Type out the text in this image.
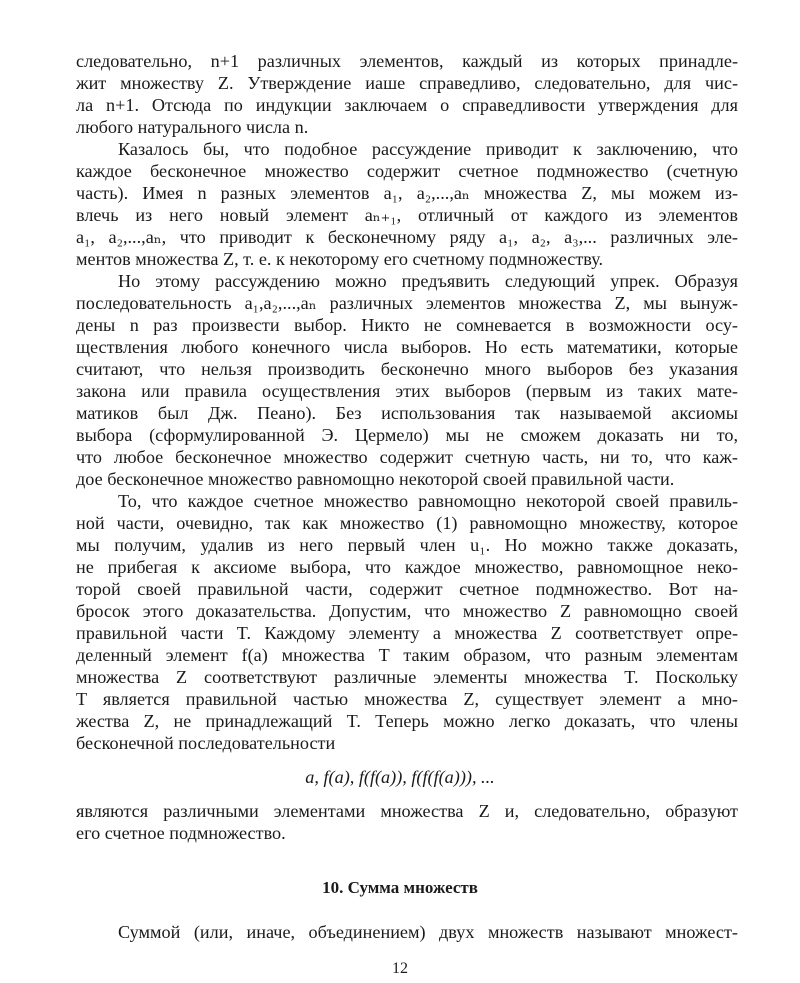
следовательно, n+1 различных элементов, каждый из которых принадле-
жит множеству Z. Утверждение иаше справедливо, следовательно, для чис-
ла n+1. Отсюда по индукции заключаем о справедливости утверждения для
любого натурального числа n.
Казалось бы, что подобное рассуждение приводит к заключению, что
каждое бесконечное множество содержит счетное подмножество (счетную
часть). Имея n разных элементов a₁, a₂,...,aₙ множества Z, мы можем из-
влечь из него новый элемент aₙ₊₁, отличный от каждого из элементов
a₁, a₂,...,aₙ, что приводит к бесконечному ряду a₁, a₂, a₃,... различных эле-
ментов множества Z, т. е. к некоторому его счетному подмножеству.
Но этому рассуждению можно предъявить следующий упрек. Образуя
последовательность a₁,a₂,...,aₙ различных элементов множества Z, мы вынуж-
дены n раз произвести выбор. Никто не сомневается в возможности осу-
ществления любого конечного числа выборов. Но есть математики, которые
считают, что нельзя производить бесконечно много выборов без указания
закона или правила осуществления этих выборов (первым из таких мате-
матиков был Дж. Пеано). Без использования так называемой аксиомы
выбора (сформулированной Э. Цермело) мы не сможем доказать ни то,
что любое бесконечное множество содержит счетную часть, ни то, что каж-
дое бесконечное множество равномощно некоторой своей правильной части.
То, что каждое счетное множество равномощно некоторой своей правиль-
ной части, очевидно, так как множество (1) равномощно множеству, которое
мы получим, удалив из него первый член u₁. Но можно также доказать,
не прибегая к аксиоме выбора, что каждое множество, равномощное неко-
торой своей правильной части, содержит счетное подмножество. Вот на-
бросок этого доказательства. Допустим, что множество Z равномощно своей
правильной части T. Каждому элементу a множества Z соответствует опре-
деленный элемент f(a) множества T таким образом, что разным элементам
множества Z соответствуют различные элементы множества T. Поскольку
T является правильной частью множества Z, существует элемент a мно-
жества Z, не принадлежащий T. Теперь можно легко доказать, что члены
бесконечной последовательности
a, f(a), f(f(a)), f(f(f(a))), ...
являются различными элементами множества Z и, следовательно, образуют
его счетное подмножество.
10. Сумма множеств
Суммой (или, иначе, объединением) двух множеств называют множест-
12
